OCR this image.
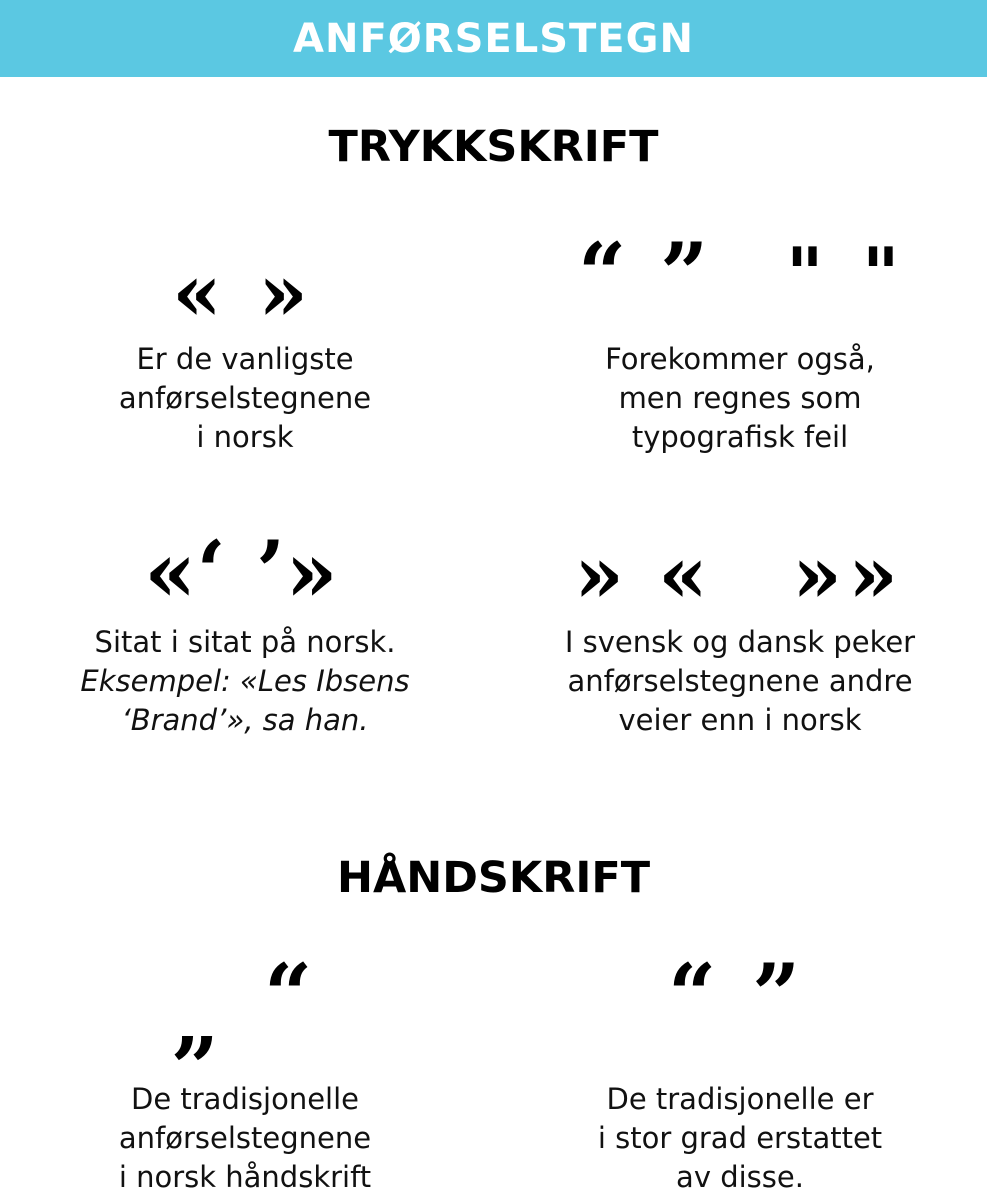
ANFØRSELSTEGN
TRYKKSKRIFT
« »
Er de vanligste
anførselstegnene
i norsk
“ ” " "
Forekommer også,
men regnes som
typografisk feil
«‘ ’»
Sitat i sitat på norsk.
Eksempel: «Les Ibsens
‘Brand’», sa han.
» « » »
I svensk og dansk peker
anførselstegnene andre
veier enn i norsk
HÅNDSKRIFT
“
„
De tradisjonelle
anførselstegnene
i norsk håndskrift
“ ”
De tradisjonelle er
i stor grad erstattet
av disse.
